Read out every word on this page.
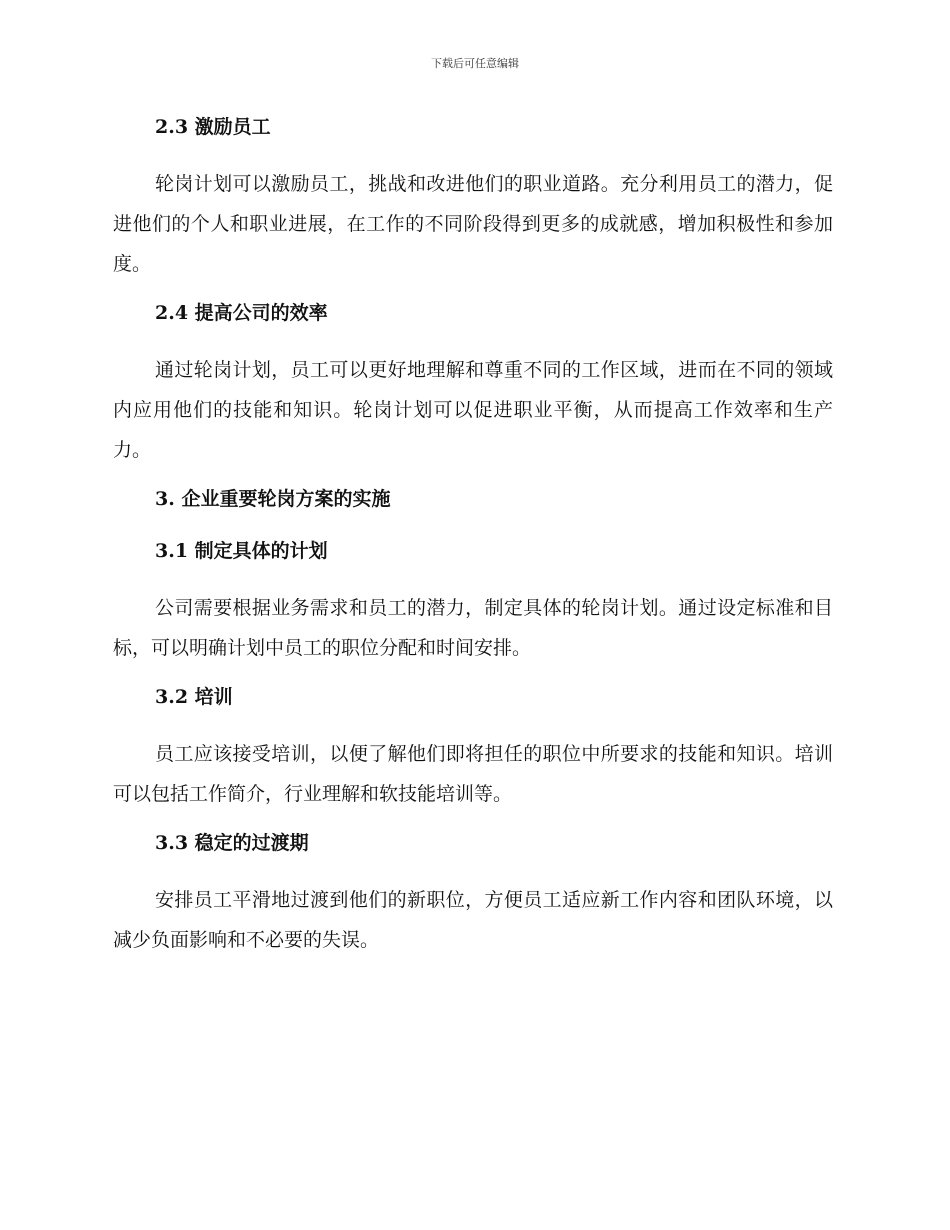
下载后可任意编辑
2.3 激励员工

轮岗计划可以激励员工，挑战和改进他们的职业道路。充分利用员工的潜力，促进他们的个人和职业进展，在工作的不同阶段得到更多的成就感，增加积极性和参加度。

2.4 提高公司的效率

通过轮岗计划，员工可以更好地理解和尊重不同的工作区域，进而在不同的领域内应用他们的技能和知识。轮岗计划可以促进职业平衡，从而提高工作效率和生产力。

3. 企业重要轮岗方案的实施
3.1 制定具体的计划

公司需要根据业务需求和员工的潜力，制定具体的轮岗计划。通过设定标准和目标，可以明确计划中员工的职位分配和时间安排。

3.2 培训

员工应该接受培训，以便了解他们即将担任的职位中所要求的技能和知识。培训可以包括工作简介，行业理解和软技能培训等。

3.3 稳定的过渡期

安排员工平滑地过渡到他们的新职位，方便员工适应新工作内容和团队环境，以减少负面影响和不必要的失误。
